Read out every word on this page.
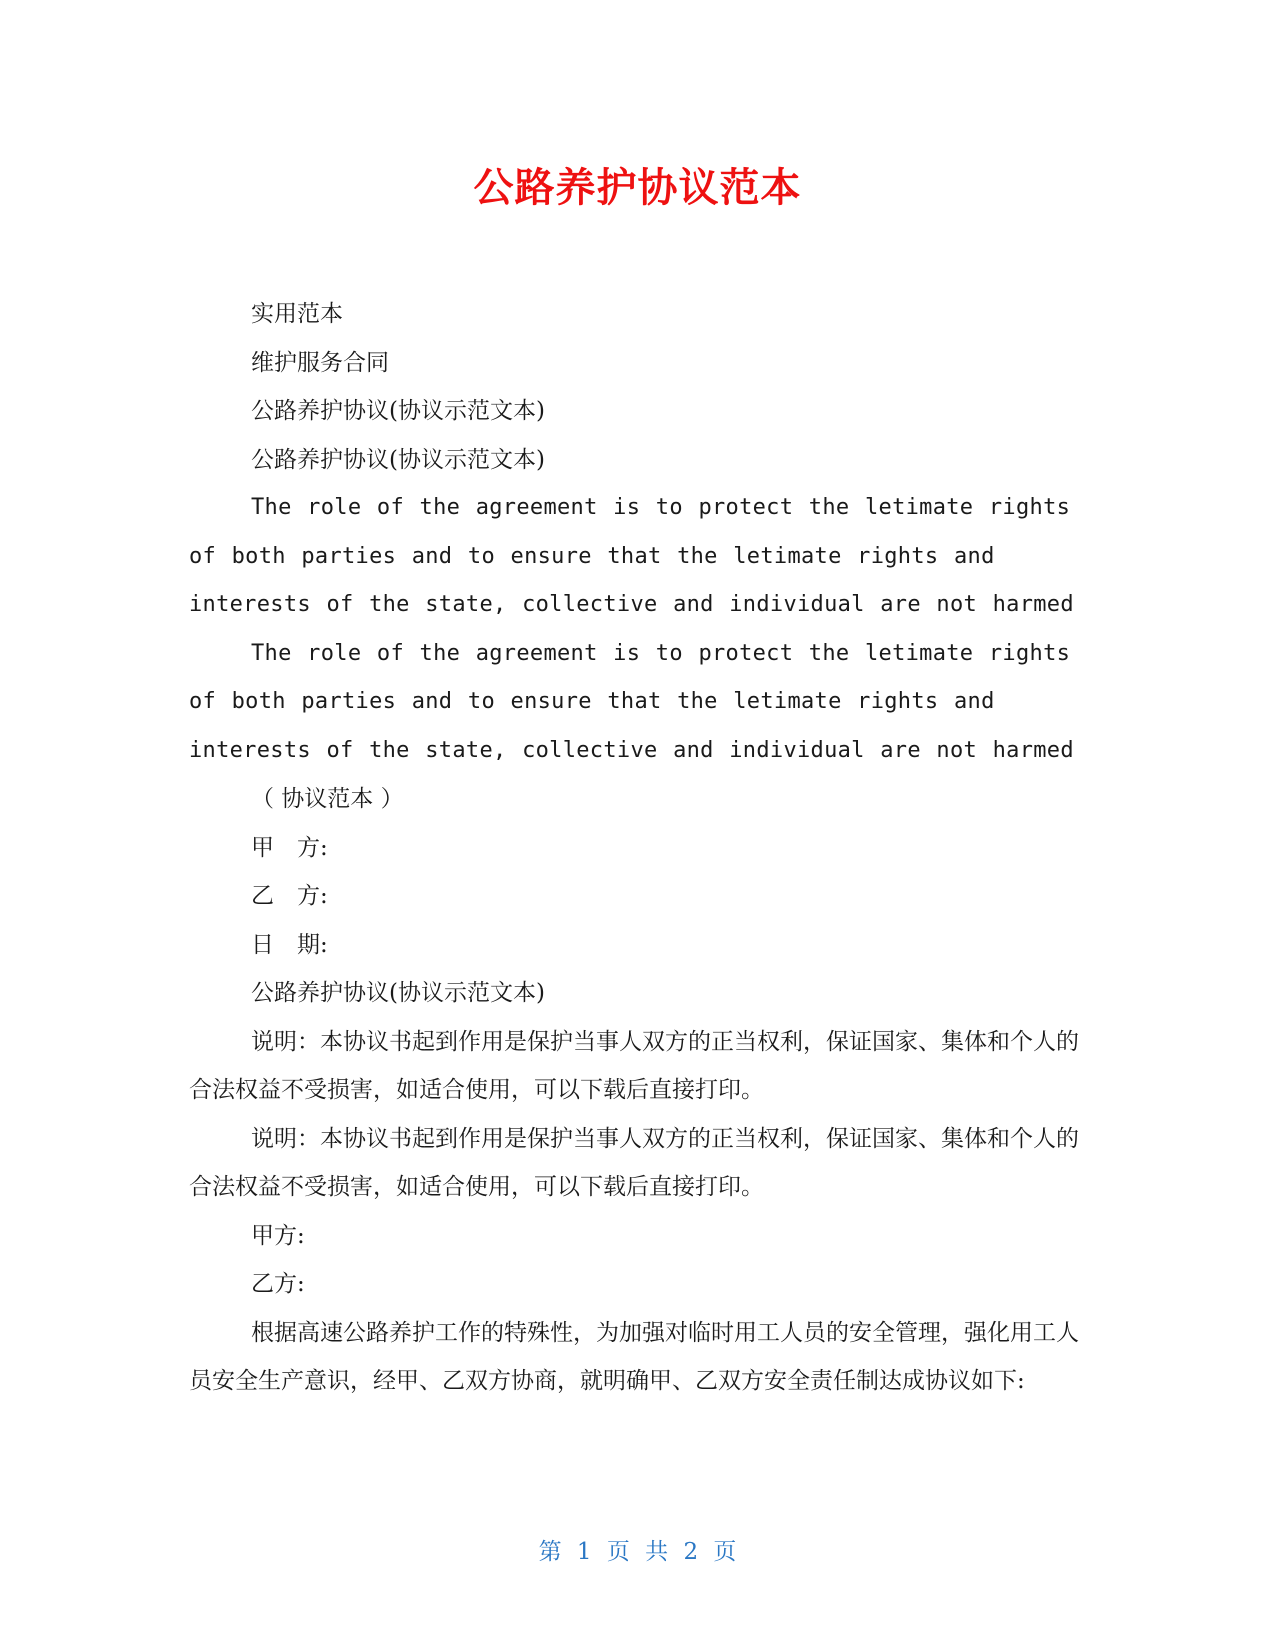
公路养护协议范本

实用范本

维护服务合同

公路养护协议(协议示范文本)

公路养护协议(协议示范文本)

The role of the agreement is to protect the letimate rights of both parties and to ensure that the letimate rights and interests of the state, collective and individual are not harmed

The role of the agreement is to protect the letimate rights of both parties and to ensure that the letimate rights and interests of the state, collective and individual are not harmed

（ 协议范本 ）

甲　方:

乙　方:

日　期:

公路养护协议(协议示范文本)

说明：本协议书起到作用是保护当事人双方的正当权利，保证国家、集体和个人的合法权益不受损害，如适合使用，可以下载后直接打印。

说明：本协议书起到作用是保护当事人双方的正当权利，保证国家、集体和个人的合法权益不受损害，如适合使用，可以下载后直接打印。

甲方:

乙方:

根据高速公路养护工作的特殊性，为加强对临时用工人员的安全管理，强化用工人员安全生产意识，经甲、乙双方协商，就明确甲、乙双方安全责任制达成协议如下:

第 1 页 共 2 页
